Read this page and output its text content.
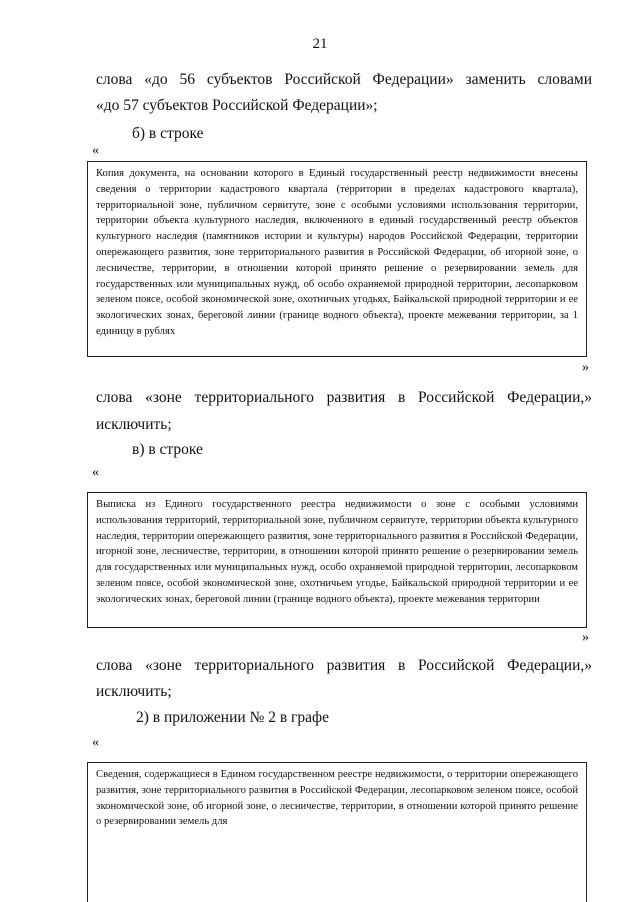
21
слова «до 56 субъектов Российской Федерации» заменить словами
«до 57 субъектов Российской Федерации»;
б) в строке
«
Копия документа, на основании которого в Единый государственный реестр недвижимости внесены сведения о территории кадастрового квартала (территории в пределах кадастрового квартала), территориальной зоне, публичном сервитуте, зоне с особыми условиями использования территории, территории объекта культурного наследия, включенного в единый государственный реестр объектов культурного наследия (памятников истории и культуры) народов Российской Федерации, территории опережающего развития, зоне территориального развития в Российской Федерации, об игорной зоне, о лесничестве, территории, в отношении которой принято решение о резервировании земель для государственных или муниципальных нужд, об особо охраняемой природной территории, лесопарковом зеленом поясе, особой экономической зоне, охотничьих угодьях, Байкальской природной территории и ее экологических зонах, береговой линии (границе водного объекта), проекте межевания территории, за 1 единицу в рублях
»
слова «зоне территориального развития в Российской Федерации,»
исключить;
в) в строке
«
Выписка из Единого государственного реестра недвижимости о зоне с особыми условиями использования территорий, территориальной зоне, публичном сервитуте, территории объекта культурного наследия, территории опережающего развития, зоне территориального развития в Российской Федерации, игорной зоне, лесничестве, территории, в отношении которой принято решение о резервировании земель для государственных или муниципальных нужд, особо охраняемой природной территории, лесопарковом зеленом поясе, особой экономической зоне, охотничьем угодье, Байкальской природной территории и ее экологических зонах, береговой линии (границе водного объекта), проекте межевания территории
»
слова «зоне территориального развития в Российской Федерации,»
исключить;
2) в приложении № 2 в графе
«
Сведения, содержащиеся в Едином государственном реестре недвижимости, о территории опережающего развития, зоне территориального развития в Российской Федерации, лесопарковом зеленом поясе, особой экономической зоне, об игорной зоне, о лесничестве, территории, в отношении которой принято решение о резервировании земель для
